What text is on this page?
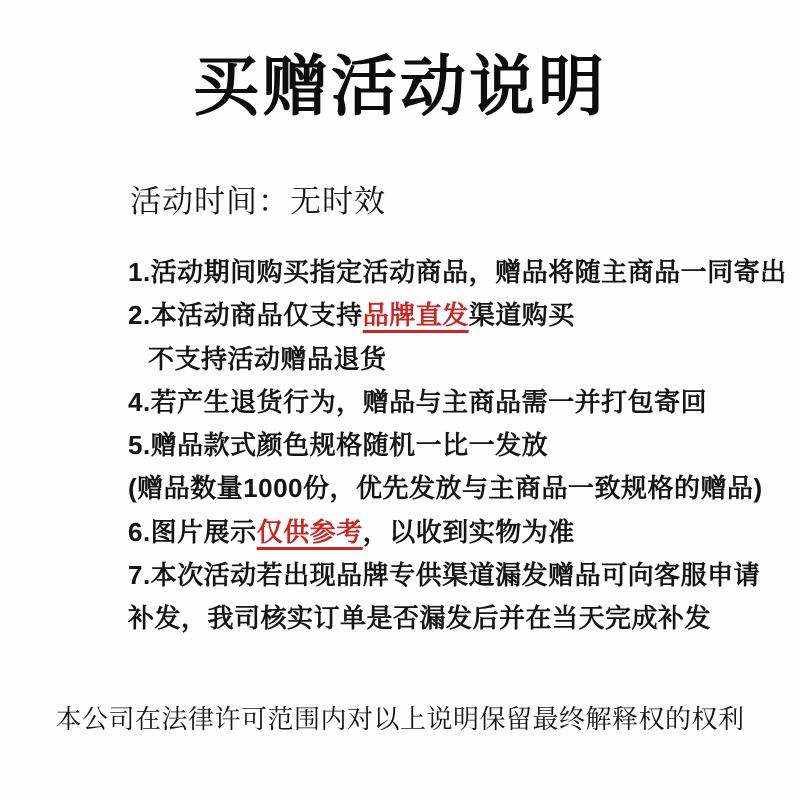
买赠活动说明
活动时间：无时效
1.活动期间购买指定活动商品，赠品将随主商品一同寄出
2.本活动商品仅支持品牌直发渠道购买
不支持活动赠品退货
4.若产生退货行为，赠品与主商品需一并打包寄回
5.赠品款式颜色规格随机一比一发放
(赠品数量1000份，优先发放与主商品一致规格的赠品)
6.图片展示仅供参考，以收到实物为准
7.本次活动若出现品牌专供渠道漏发赠品可向客服申请
补发，我司核实订单是否漏发后并在当天完成补发
本公司在法律许可范围内对以上说明保留最终解释权的权利
